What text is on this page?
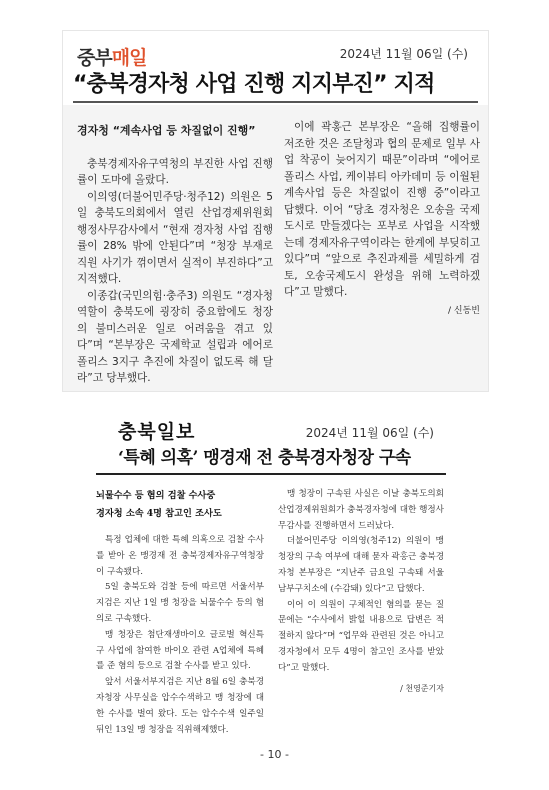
중부매일	2024년 11월 06일 (수)
“충북경자청 사업 진행 지지부진” 지적
경자청 “계속사업 등 차질없이 진행”

충북경제자유구역청의 부진한 사업 진행률이 도마에 올랐다.

이의영(더불어민주당·청주12) 의원은 5일 충북도의회에서 열린 산업경제위원회 행정사무감사에서 “현재 경자청 사업 집행률이 28% 밖에 안된다”며 “청장 부재로 직원 사기가 꺾이면서 실적이 부진하다”고 지적했다.

이종갑(국민의힘·충주3) 의원도 “경자청 역할이 충북도에 굉장히 중요함에도 청장의 불미스러운 일로 어려움을 겪고 있다”며 “본부장은 국제학교 설립과 에어로폴리스 3지구 추진에 차질이 없도록 해 달라”고 당부했다.

이에 곽홍근 본부장은 “올해 집행률이 저조한 것은 조달청과 협의 문제로 일부 사업 착공이 늦어지기 때문”이라며 “에어로폴리스 사업, 케이뷰티 아카데미 등 이월된 계속사업 등은 차질없이 진행 중”이라고 답했다. 이어 “당초 경자청은 오송을 국제도시로 만들겠다는 포부로 사업을 시작했는데 경제자유구역이라는 한계에 부딪히고 있다”며 “앞으로 추진과제를 세밀하게 검토, 오송국제도시 완성을 위해 노력하겠다”고 말했다.

/ 신동빈
충북일보	2024년 11월 06일 (수)
‘특혜 의혹’ 맹경재 전 충북경자청장 구속
뇌물수수 등 혐의 검찰 수사중
경자청 소속 4명 참고인 조사도

특정 업체에 대한 특혜 의혹으로 검찰 수사를 받아 온 맹경재 전 충북경제자유구역청장이 구속됐다.

5일 충북도와 검찰 등에 따르면 서울서부지검은 지난 1일 맹 청장을 뇌물수수 등의 혐의로 구속했다.

맹 청장은 첨단재생바이오 글로벌 혁신특구 사업에 참여한 바이오 관련 A업체에 특혜를 준 혐의 등으로 검찰 수사를 받고 있다.

앞서 서울서부지검은 지난 8월 6일 충북경자청장 사무실을 압수수색하고 맹 청장에 대한 수사를 벌여 왔다. 도는 압수수색 일주일 뒤인 13일 맹 청장을 직위해제했다.

맹 청장이 구속된 사실은 이날 충북도의회 산업경제위원회가 충북경자청에 대한 행정사무감사를 진행하면서 드러났다.

더불어민주당 이의영(청주12) 의원이 맹 청장의 구속 여부에 대해 묻자 곽홍근 충북경자청 본부장은 “지난주 금요일 구속돼 서울 남부구치소에 (수감돼) 있다”고 답했다.

이어 이 의원이 구체적인 혐의를 묻는 질문에는 “수사에서 밝힐 내용으로 답변은 적절하지 않다”며 “업무와 관련된 것은 아니고 경자청에서 모두 4명이 참고인 조사를 받았다”고 말했다.

/ 천영준기자
- 10 -
